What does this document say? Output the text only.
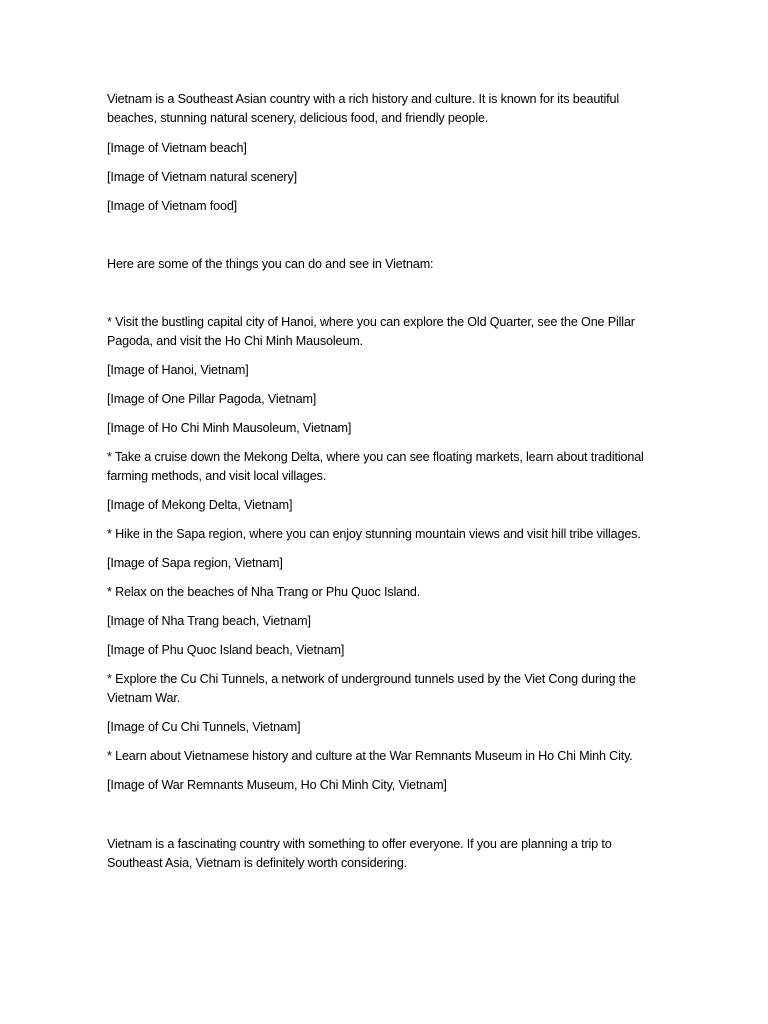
Vietnam is a Southeast Asian country with a rich history and culture. It is known for its beautiful beaches, stunning natural scenery, delicious food, and friendly people.

[Image of Vietnam beach]

[Image of Vietnam natural scenery]

[Image of Vietnam food]

Here are some of the things you can do and see in Vietnam:

* Visit the bustling capital city of Hanoi, where you can explore the Old Quarter, see the One Pillar Pagoda, and visit the Ho Chi Minh Mausoleum.

[Image of Hanoi, Vietnam]

[Image of One Pillar Pagoda, Vietnam]

[Image of Ho Chi Minh Mausoleum, Vietnam]

* Take a cruise down the Mekong Delta, where you can see floating markets, learn about traditional farming methods, and visit local villages.

[Image of Mekong Delta, Vietnam]

* Hike in the Sapa region, where you can enjoy stunning mountain views and visit hill tribe villages.

[Image of Sapa region, Vietnam]

* Relax on the beaches of Nha Trang or Phu Quoc Island.

[Image of Nha Trang beach, Vietnam]

[Image of Phu Quoc Island beach, Vietnam]

* Explore the Cu Chi Tunnels, a network of underground tunnels used by the Viet Cong during the Vietnam War.

[Image of Cu Chi Tunnels, Vietnam]

* Learn about Vietnamese history and culture at the War Remnants Museum in Ho Chi Minh City.

[Image of War Remnants Museum, Ho Chi Minh City, Vietnam]

Vietnam is a fascinating country with something to offer everyone. If you are planning a trip to Southeast Asia, Vietnam is definitely worth considering.
